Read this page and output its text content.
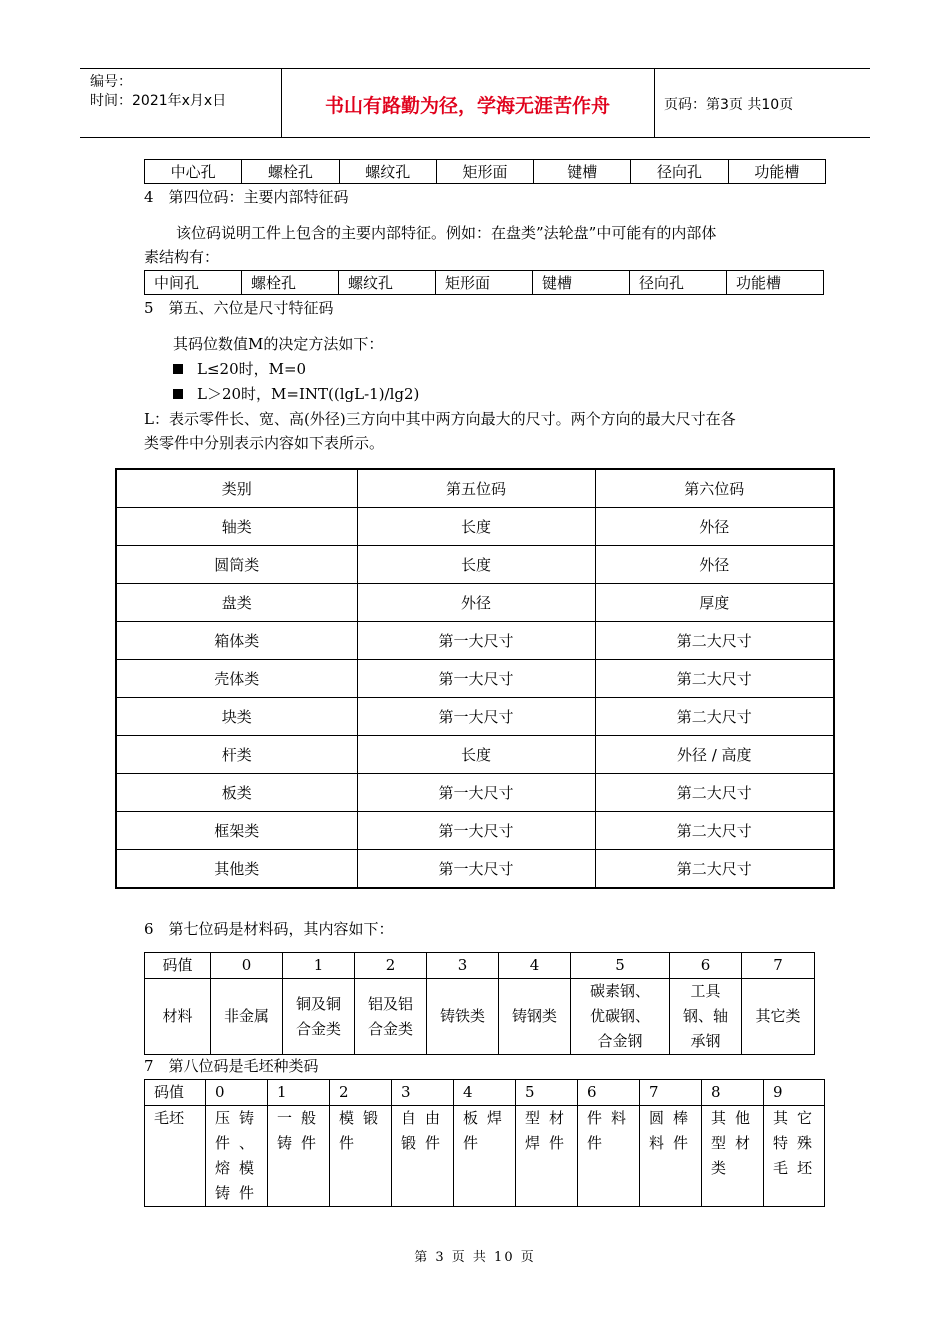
编号：
时间：2021年x月x日	书山有路勤为径，学海无涯苦作舟	页码：第3页 共10页
中心孔	螺栓孔	螺纹孔	矩形面	键槽	径向孔	功能槽
4　第四位码：主要内部特征码
该位码说明工件上包含的主要内部特征。例如：在盘类”法轮盘”中可能有的内部体
素结构有：
中间孔	螺栓孔	螺纹孔	矩形面	键槽	径向孔	功能槽
5　第五、六位是尺寸特征码
其码位数值M的决定方法如下：
L≤20时，M=0
L＞20时，M=INT((lgL-1)/lg2)
L：表示零件长、宽、高(外径)三方向中其中两方向最大的尺寸。两个方向的最大尺寸在各
类零件中分别表示内容如下表所示。
类别	第五位码	第六位码
轴类	长度	外径
圆筒类	长度	外径
盘类	外径	厚度
箱体类	第一大尺寸	第二大尺寸
壳体类	第一大尺寸	第二大尺寸
块类	第一大尺寸	第二大尺寸
杆类	长度	外径 / 高度
板类	第一大尺寸	第二大尺寸
框架类	第一大尺寸	第二大尺寸
其他类	第一大尺寸	第二大尺寸
6　第七位码是材料码，其内容如下：
码值	0	1	2	3	4	5	6	7
材料	非金属	铜及铜合金类	铝及铝合金类	铸铁类	铸钢类	碳素钢、优碳钢、合金钢	工具钢、轴承钢	其它类
7　第八位码是毛坯种类码
码值	0	1	2	3	4	5	6	7	8	9
毛坯	压铸件、熔模铸件	一般铸件	模锻件	自由锻件	板焊件	型材焊件	件料件	圆棒料件	其他型材类	其它特殊毛坯
第 3 页 共 10 页
